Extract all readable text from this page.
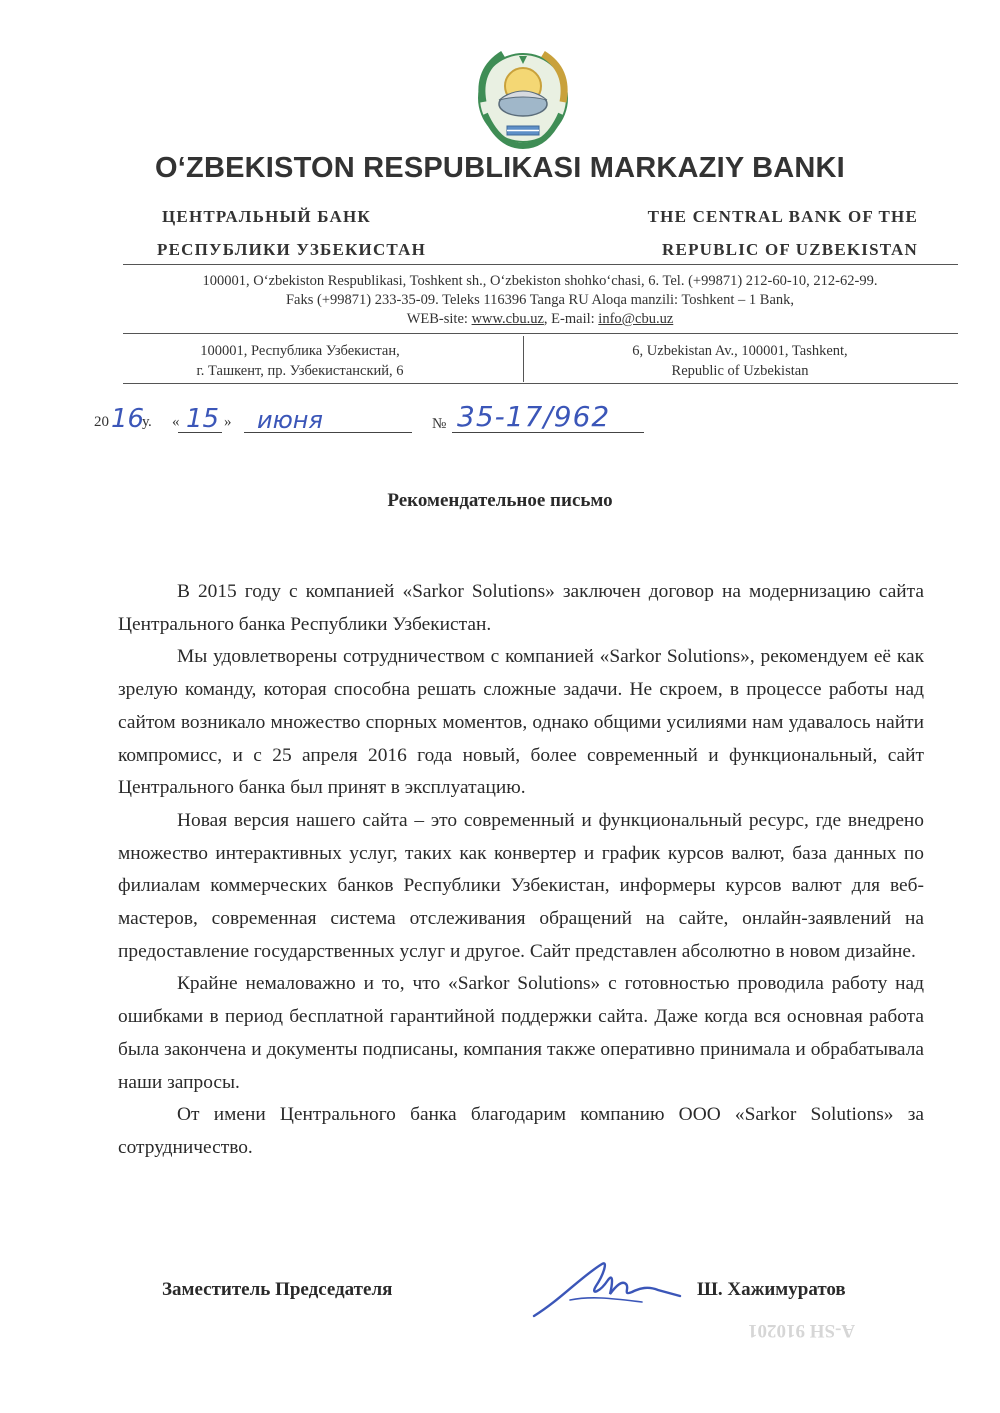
O‘ZBEKISTON RESPUBLIKASI MARKAZIY BANKI
ЦЕНТРАЛЬНЫЙ БАНК
РЕСПУБЛИКИ УЗБЕКИСТАН
THE CENTRAL BANK OF THE
REPUBLIC OF UZBEKISTAN
100001, O‘zbekiston Respublikasi, Toshkent sh., O‘zbekiston shohko‘chasi, 6. Tel. (+99871) 212-60-10, 212-62-99.
Faks (+99871) 233-35-09. Teleks 116396 Tanga RU Aloqa manzili: Toshkent – 1 Bank,
WEB-site: www.cbu.uz, E-mail: info@cbu.uz
100001, Республика Узбекистан,
г. Ташкент, пр. Узбекистанский, 6
6, Uzbekistan Av., 100001, Tashkent,
Republic of Uzbekistan
20 16
у. « 15 » июня	№ 35-17/962
Рекомендательное письмо

В 2015 году с компанией «Sarkor Solutions» заключен договор на модернизацию сайта Центрального банка Республики Узбекистан.

Мы удовлетворены сотрудничеством с компанией «Sarkor Solutions», рекомендуем её как зрелую команду, которая способна решать сложные задачи. Не скроем, в процессе работы над сайтом возникало множество спорных моментов, однако общими усилиями нам удавалось найти компромисс, и с 25 апреля 2016 года новый, более современный и функциональный, сайт Центрального банка был принят в эксплуатацию.

Новая версия нашего сайта – это современный и функциональный ресурс, где внедрено множество интерактивных услуг, таких как конвертер и график курсов валют, база данных по филиалам коммерческих банков Республики Узбекистан, информеры курсов валют для веб-мастеров, современная система отслеживания обращений на сайте, онлайн-заявлений на предоставление государственных услуг и другое. Сайт представлен абсолютно в новом дизайне.

Крайне немаловажно и то, что «Sarkor Solutions» с готовностью проводила работу над ошибками в период бесплатной гарантийной поддержки сайта. Даже когда вся основная работа была закончена и документы подписаны, компания также оперативно принимала и обрабатывала наши запросы.

От имени Центрального банка благодарим компанию ООО «Sarkor Solutions» за сотрудничество.

Заместитель Председателя	Ш. Хажимуратов
A-SH 910201
